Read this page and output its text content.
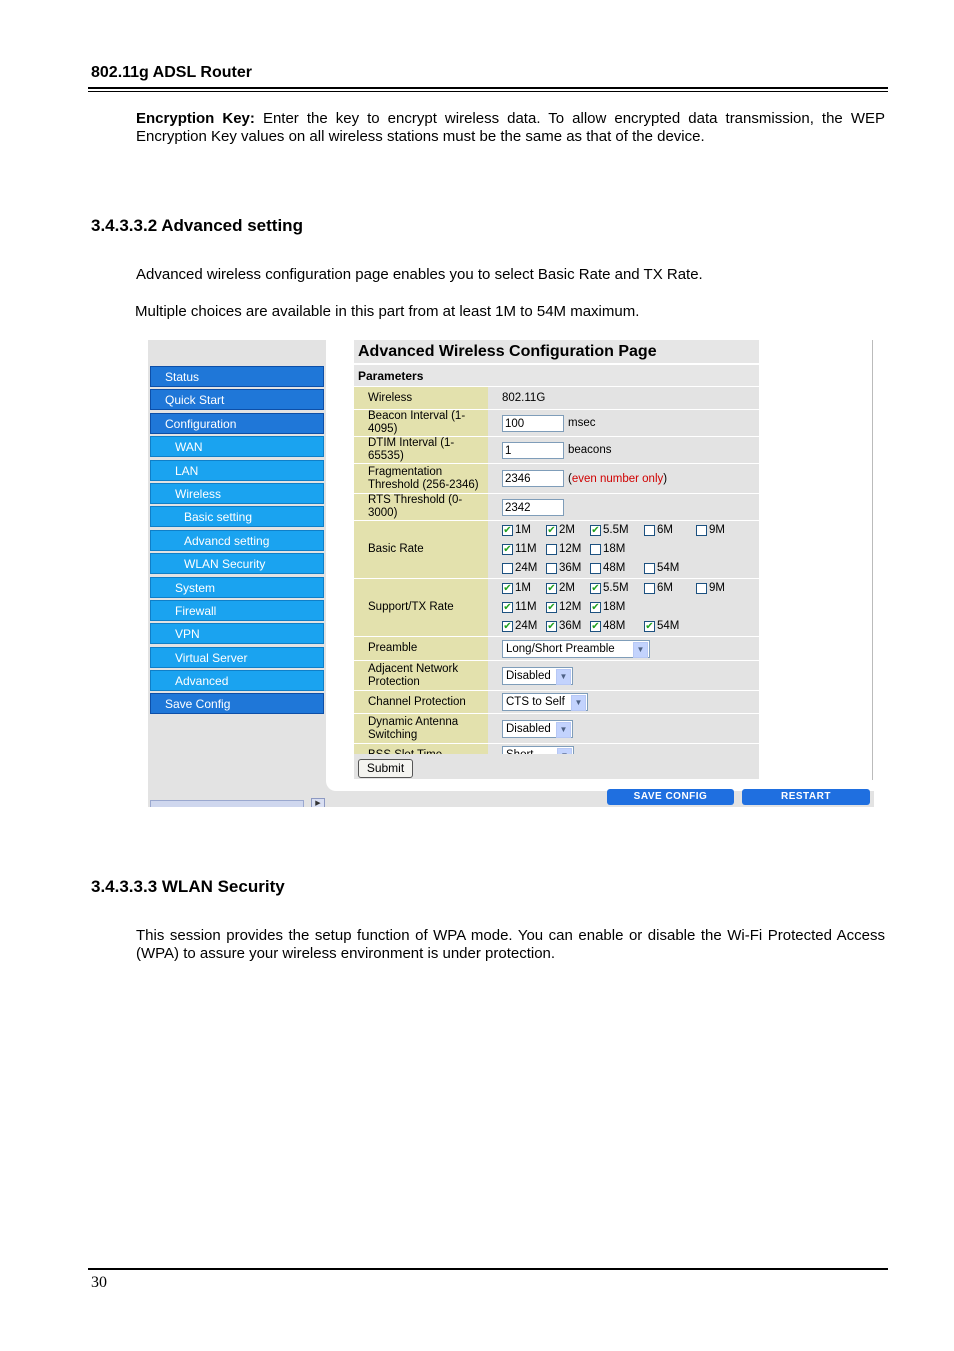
802.11g ADSL Router
Encryption Key: Enter the key to encrypt wireless data. To allow encrypted data transmission, the WEP Encryption Key values on all wireless stations must be the same as that of the device.
3.4.3.3.2 Advanced setting
Advanced wireless configuration page enables you to select Basic Rate and TX Rate.
Multiple choices are available in this part from at least 1M to 54M maximum.
Status
Quick Start
Configuration
WAN
LAN
Wireless
Basic setting
Advancd setting
WLAN Security
System
Firewall
VPN
Virtual Server
Advanced
Save Config
▶
Advanced Wireless Configuration Page
Parameters	
Wireless	802.11G
Beacon Interval (1-4095)	100 msec
DTIM Interval (1-65535)	1 beacons
Fragmentation
Threshold (256-2346)	2346 (even number only)
RTS Threshold (0-3000)	2342
Basic Rate	✔ 1M ✔ 2M ✔ 5.5M 6M 9M
✔ 11M 12M 18M
24M 36M 48M 54M

Support/TX Rate	✔ 1M ✔ 2M ✔ 5.5M 6M 9M
✔ 11M ✔ 12M ✔ 18M
✔ 24M ✔ 36M ✔ 48M ✔ 54M

Preamble	Long/Short Preamble ▼

Adjacent Network
Protection	Disabled ▼

Channel Protection	CTS to Self ▼

Dynamic Antenna
Switching	Disabled ▼

Submit
SAVE CONFIG	RESTART
3.4.3.3.3 WLAN Security
This session provides the setup function of WPA mode. You can enable or disable the Wi-Fi Protected Access (WPA) to assure your wireless environment is under protection.
30
